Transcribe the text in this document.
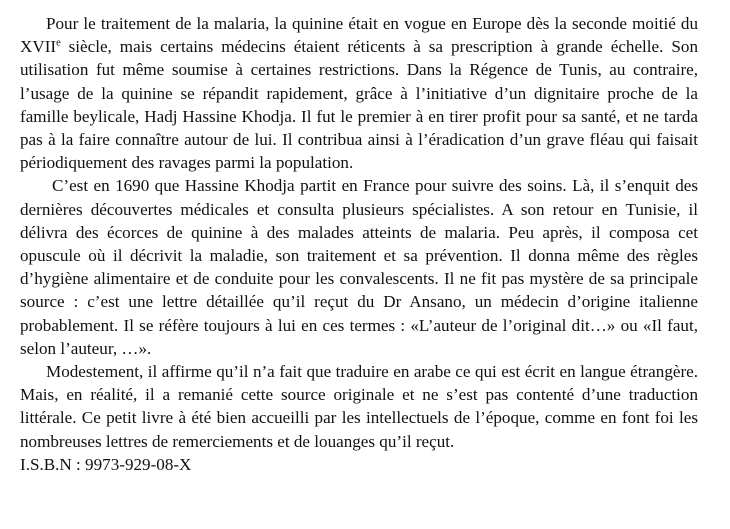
Pour le traitement de la malaria, la quinine était en vogue en Europe dès la seconde moitié du XVIIe siècle, mais certains médecins étaient réticents à sa prescription à grande échelle. Son utilisation fut même soumise à certaines restrictions. Dans la Régence de Tunis, au contraire, l’usage de la quinine se répandit rapidement, grâce à l’initiative d’un dignitaire proche de la famille beylicale, Hadj Hassine Khodja. Il fut le premier à en tirer profit pour sa santé, et ne tarda pas à la faire connaître autour de lui. Il contribua ainsi à l’éradication d’un grave fléau qui faisait périodiquement des ravages parmi la population.

C’est en 1690 que Hassine Khodja partit en France pour suivre des soins. Là, il s’enquit des dernières découvertes médicales et consulta plusieurs spécialistes. A son retour en Tunisie, il délivra des écorces de quinine à des malades atteints de malaria. Peu après, il composa cet opuscule où il décrivit la maladie, son traitement et sa prévention. Il donna même des règles d’hygiène alimentaire et de conduite pour les convalescents. Il ne fit pas mystère de sa principale source : c’est une lettre détaillée qu’il reçut du Dr Ansano, un médecin d’origine italienne probablement. Il se réfère toujours à lui en ces termes : «L’auteur de l’original dit…» ou «Il faut, selon l’auteur, …».

Modestement, il affirme qu’il n’a fait que traduire en arabe ce qui est écrit en langue étrangère. Mais, en réalité, il a remanié cette source originale et ne s’est pas contenté d’une traduction littérale. Ce petit livre à été bien accueilli par les intellectuels de l’époque, comme en font foi les nombreuses lettres de remerciements et de louanges qu’il reçut.

I.S.B.N : 9973-929-08-X
